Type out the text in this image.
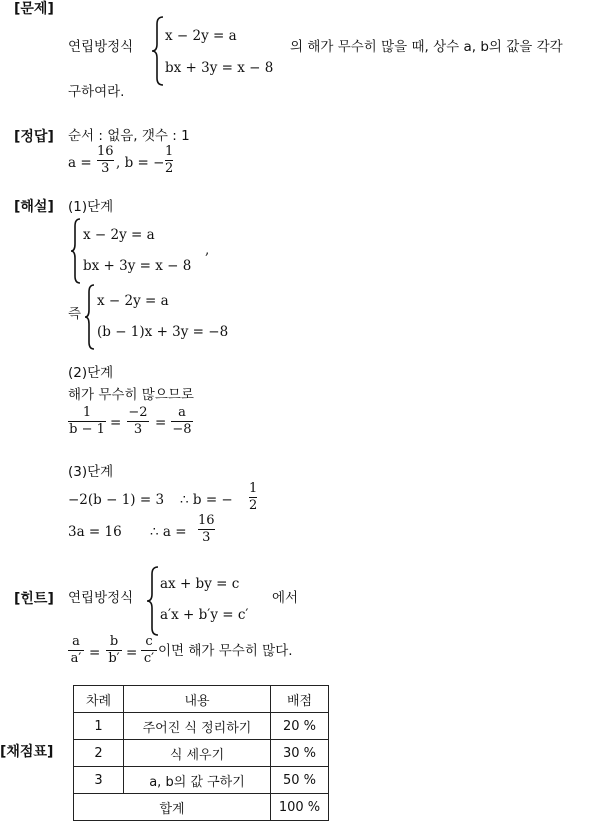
[문제]
연립방정식
x − 2y = a
bx + 3y = x − 8
의 해가 무수히 많을 때, 상수 a, b의 값을 각각
구하여라.
[정답] 순서 : 없음, 갯수 : 1
a =
16
3 , b = −
1
2
[해설] (1)단계
x − 2y = a
bx + 3y = x − 8
,
즉
x − 2y = a
(b − 1)x + 3y = −8
(2)단계
해가 무수히 많으므로
1
b − 1 =
−2
3 =
a
−8
(3)단계
−2(b − 1) = 3 ∴ b = −
1
2
3a = 16 ∴ a =
16
3
[힌트] 연립방정식
ax + by = c
a′x + b′y = c′
에서
a
a′ =
b
b′ =
c
c′ 이면 해가 무수히 많다.
[채점표]
차례	내용	배점
1	주어진 식 정리하기	20 %
2	식 세우기	30 %
3	a, b의 값 구하기	50 %
합계		100 %
